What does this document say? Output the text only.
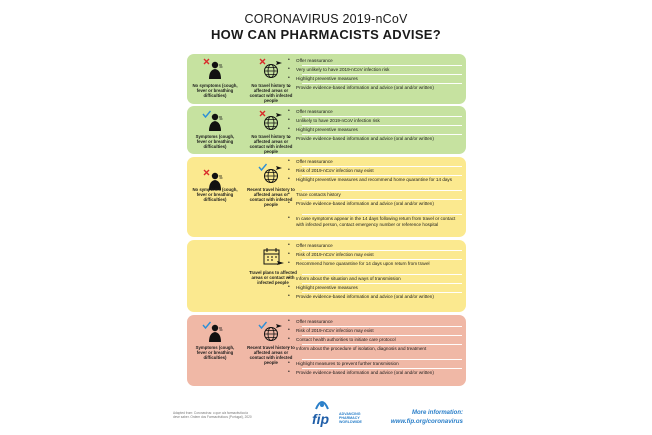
CORONAVIRUS 2019-nCoV
HOW CAN PHARMACISTS ADVISE?
No symptoms (cough, fever or breathing difficulties)
No travel history to affected areas or contact with infected people
• Offer reassurance
• Very unlikely to have 2019-nCoV infection risk
• Highlight preventive measures
• Provide evidence-based information and advice (oral and/or written)
Symptoms (cough, fever or breathing difficulties)
No travel history to affected areas or contact with infected people
• Offer reassurance
• Unlikely to have 2019-nCoV infection risk
• Highlight preventive measures
• Provide evidence-based information and advice (oral and/or written)
No symptoms (cough, fever or breathing difficulties)
Recent travel history to affected areas or contact with infected people
• Offer reassurance
• Risk of 2019-nCoV infection may exist
• Highlight preventive measures and recommend home quarantine for 14 days
• Trace contacts history
• Provide evidence-based information and advice (oral and/or written)
• In case symptoms appear in the 14 days following return from travel or contact with infected person, contact emergency number or reference hospital
Travel plans to affected areas or contact with infected people
• Offer reassurance
• Risk of 2019-nCoV infection may exist
• Recommend home quarantine for 14 days upon return from travel
• Inform about the situation and ways of transmission
• Highlight preventive measures
• Provide evidence-based information and advice (oral and/or written)
Symptoms (cough, fever or breathing difficulties)
Recent travel history to affected areas or contact with infected people
• Offer reassurance
• Risk of 2019-nCoV infection may exist
• Contact health authorities to initiate care protocol
• Inform about the procedure of isolation, diagnosis and treatment
• Highlight measures to prevent further transmission
• Provide evidence-based information and advice (oral and/or written)
Adapted from: Coronavirus: o que o/a farmacêutico/a deve saber. Ordem dos Farmacêuticos (Portugal), 2020	fip	ADVANCING PHARMACY WORLDWIDE
More information:
www.fip.org/coronavirus
